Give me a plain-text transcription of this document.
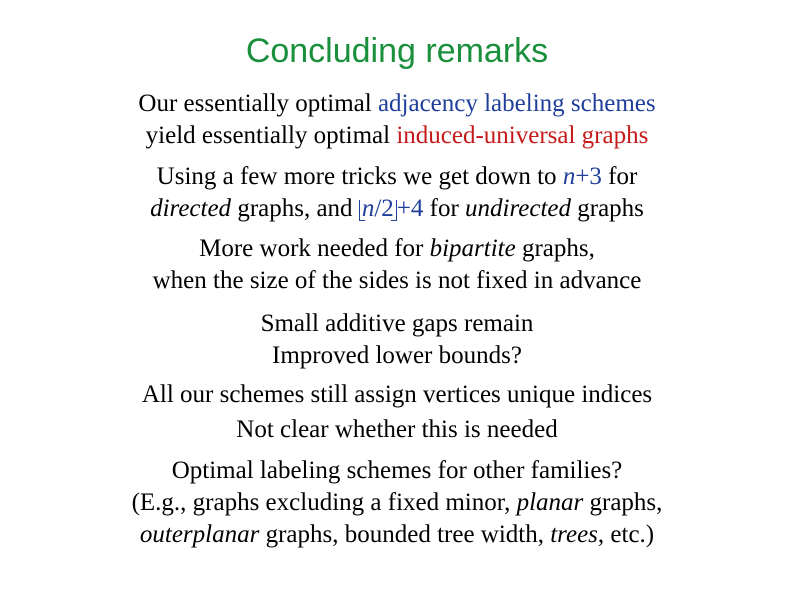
Concluding remarks
Our essentially optimal adjacency labeling schemes
yield essentially optimal induced-universal graphs
Using a few more tricks we get down to n+3 for
directed graphs, and n/2 +4 for undirected graphs
More work needed for bipartite graphs,
when the size of the sides is not fixed in advance
Small additive gaps remain
Improved lower bounds?
All our schemes still assign vertices unique indices
Not clear whether this is needed
Optimal labeling schemes for other families?
(E.g., graphs excluding a fixed minor, planar graphs,
outerplanar graphs, bounded tree width, trees, etc.)
